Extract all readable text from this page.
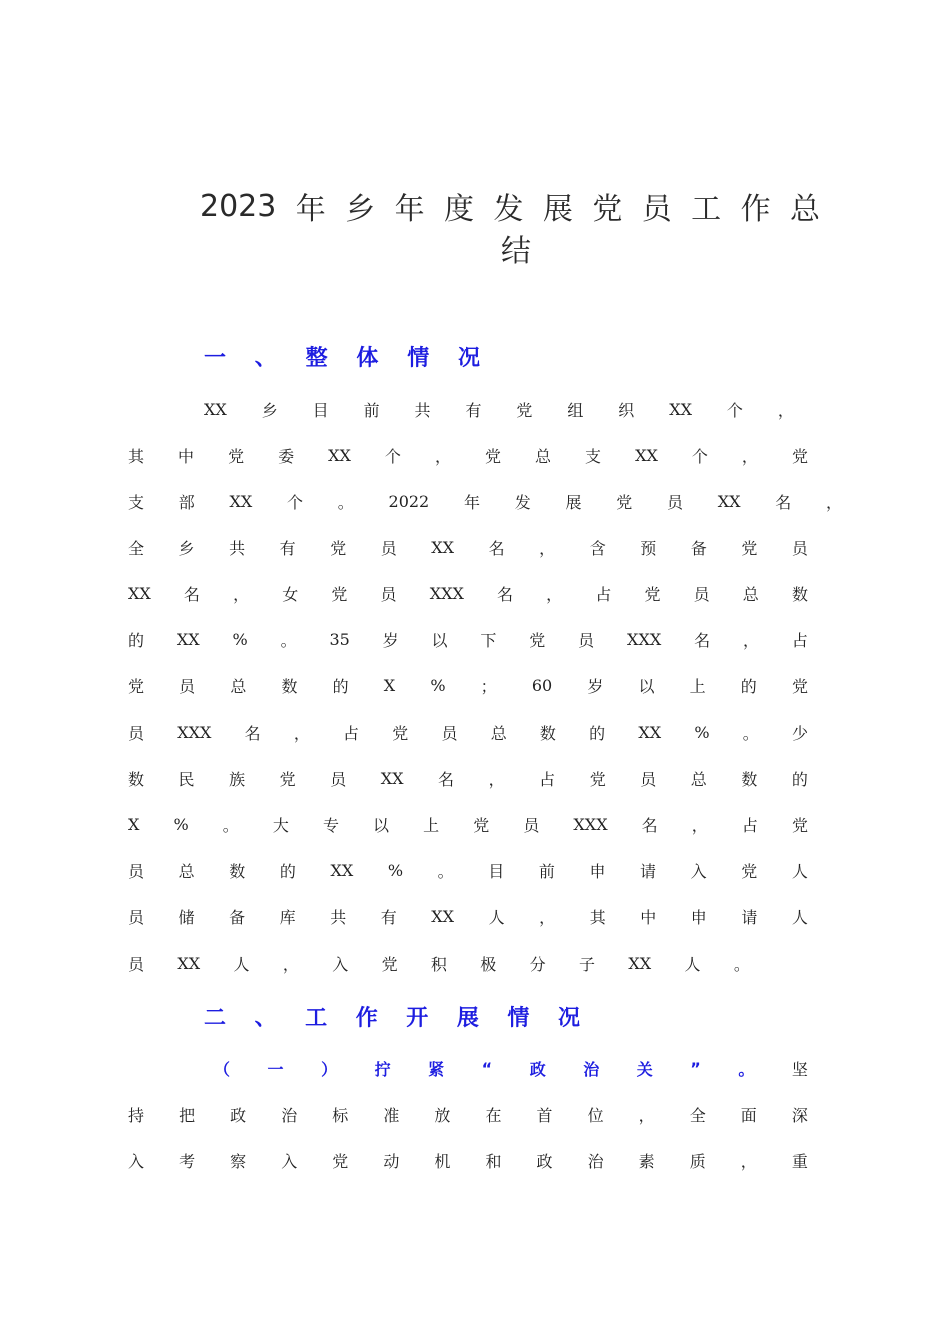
2023 年 乡 年 度 发 展 党 员 工 作 总
结
一 、 整 体 情 况
XX 乡 目 前 共 有 党 组 织 XX 个 ，
其 中 党 委 XX 个 ， 党 总 支 XX 个 ， 党
支 部 XX 个 。 2022 年 发 展 党 员 XX 名 ，
全 乡 共 有 党 员 XX 名 ， 含 预 备 党 员
XX 名 ， 女 党 员 XXX 名 ， 占 党 员 总 数
的 XX % 。 35 岁 以 下 党 员 XXX 名 ， 占
党 员 总 数 的 X % ； 60 岁 以 上 的 党
员 XXX 名 ， 占 党 员 总 数 的 XX % 。 少
数 民 族 党 员 XX 名 ， 占 党 员 总 数 的
X % 。 大 专 以 上 党 员 XXX 名 ， 占 党
员 总 数 的 XX % 。 目 前 申 请 入 党 人
员 储 备 库 共 有 XX 人 ， 其 中 申 请 人
员 XX 人 ， 入 党 积 极 分 子 XX 人 。
二 、 工 作 开 展 情 况
（ 一 ） 拧 紧 “ 政 治 关 ” 。 坚
持 把 政 治 标 准 放 在 首 位 ， 全 面 深
入 考 察 入 党 动 机 和 政 治 素 质 ， 重
